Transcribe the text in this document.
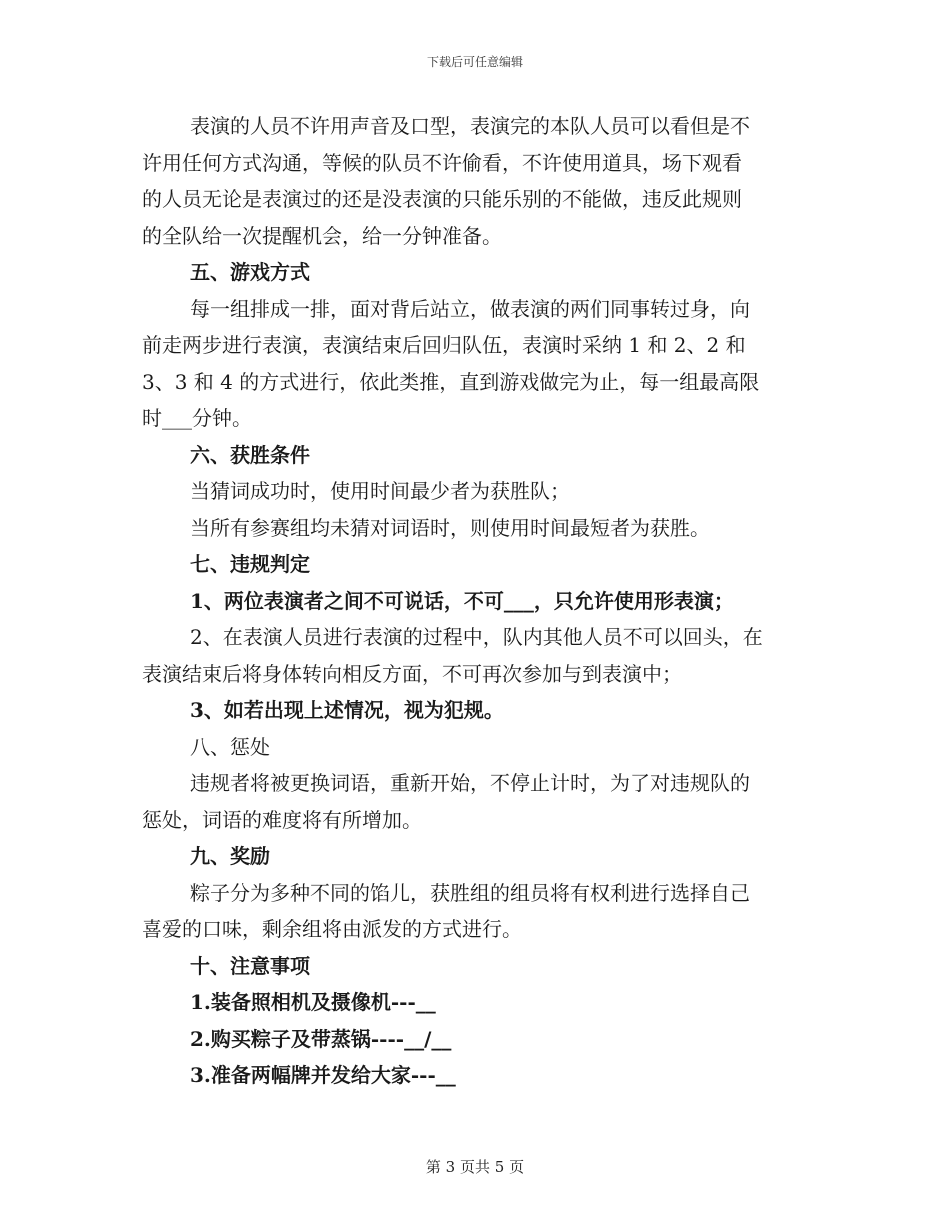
下载后可任意编辑
表演的人员不许用声音及口型，表演完的本队人员可以看但是不
许用任何方式沟通，等候的队员不许偷看，不许使用道具，场下观看
的人员无论是表演过的还是没表演的只能乐别的不能做，违反此规则
的全队给一次提醒机会，给一分钟准备。
五、游戏方式
每一组排成一排，面对背后站立，做表演的两们同事转过身，向
前走两步进行表演，表演结束后回归队伍，表演时采纳 1 和 2、2 和
3、3 和 4 的方式进行，依此类推，直到游戏做完为止，每一组最高限
时___分钟。
六、获胜条件
当猜词成功时，使用时间最少者为获胜队；
当所有参赛组均未猜对词语时，则使用时间最短者为获胜。
七、违规判定
1、两位表演者之间不可说话，不可___，只允许使用形表演；
2、在表演人员进行表演的过程中，队内其他人员不可以回头，在
表演结束后将身体转向相反方面，不可再次参加与到表演中；
3、如若出现上述情况，视为犯规。
八、惩处
违规者将被更换词语，重新开始，不停止计时，为了对违规队的
惩处，词语的难度将有所增加。
九、奖励
粽子分为多种不同的馅儿，获胜组的组员将有权利进行选择自己
喜爱的口味，剩余组将由派发的方式进行。
十、注意事项
1.装备照相机及摄像机---__
2.购买粽子及带蒸锅----__/__
3.准备两幅牌并发给大家---__
第 3 页共 5 页
